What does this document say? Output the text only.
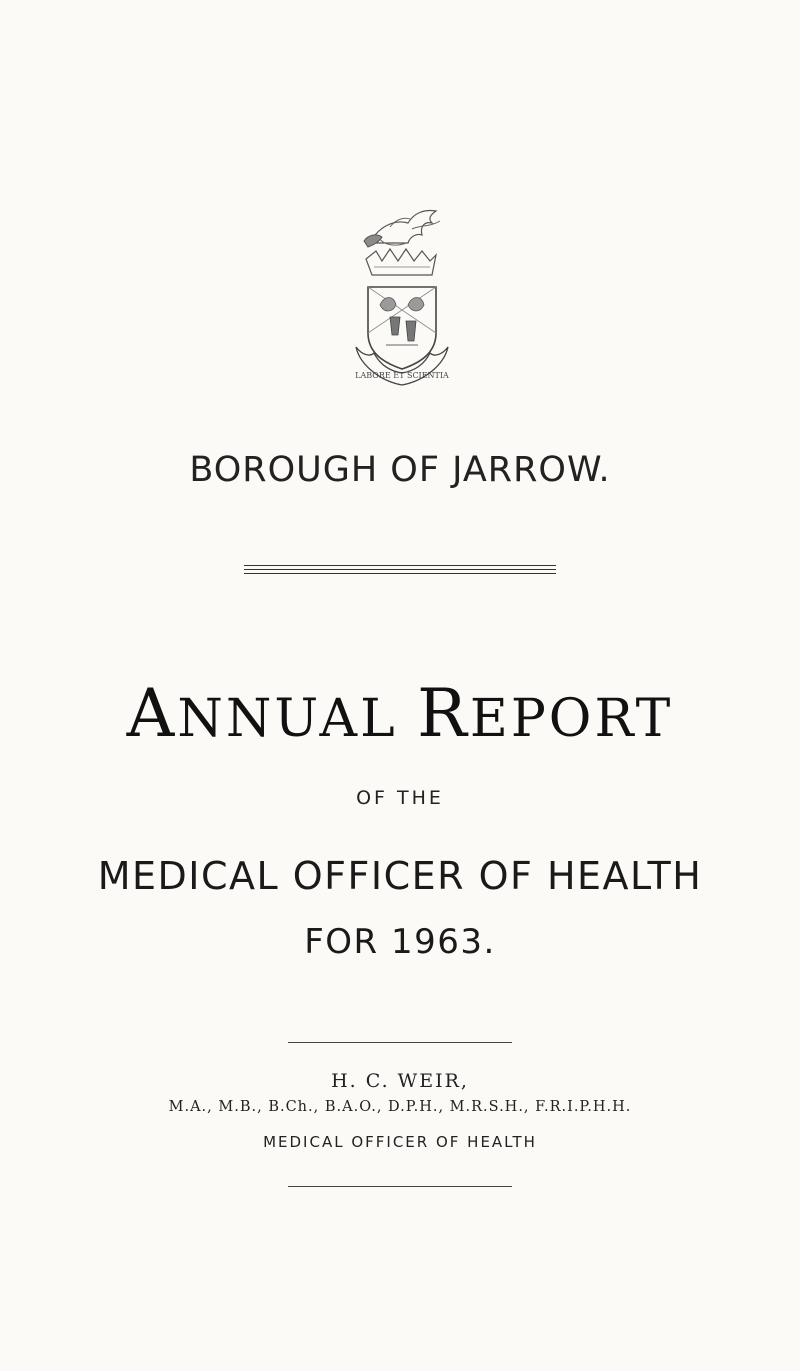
LABORE ET SCIENTIA
BOROUGH OF JARROW.
ANNUAL REPORT
OF THE
MEDICAL OFFICER OF HEALTH
FOR 1963.
H. C. WEIR,
M.A., M.B., B.Ch., B.A.O., D.P.H., M.R.S.H., F.R.I.P.H.H.
MEDICAL OFFICER OF HEALTH
